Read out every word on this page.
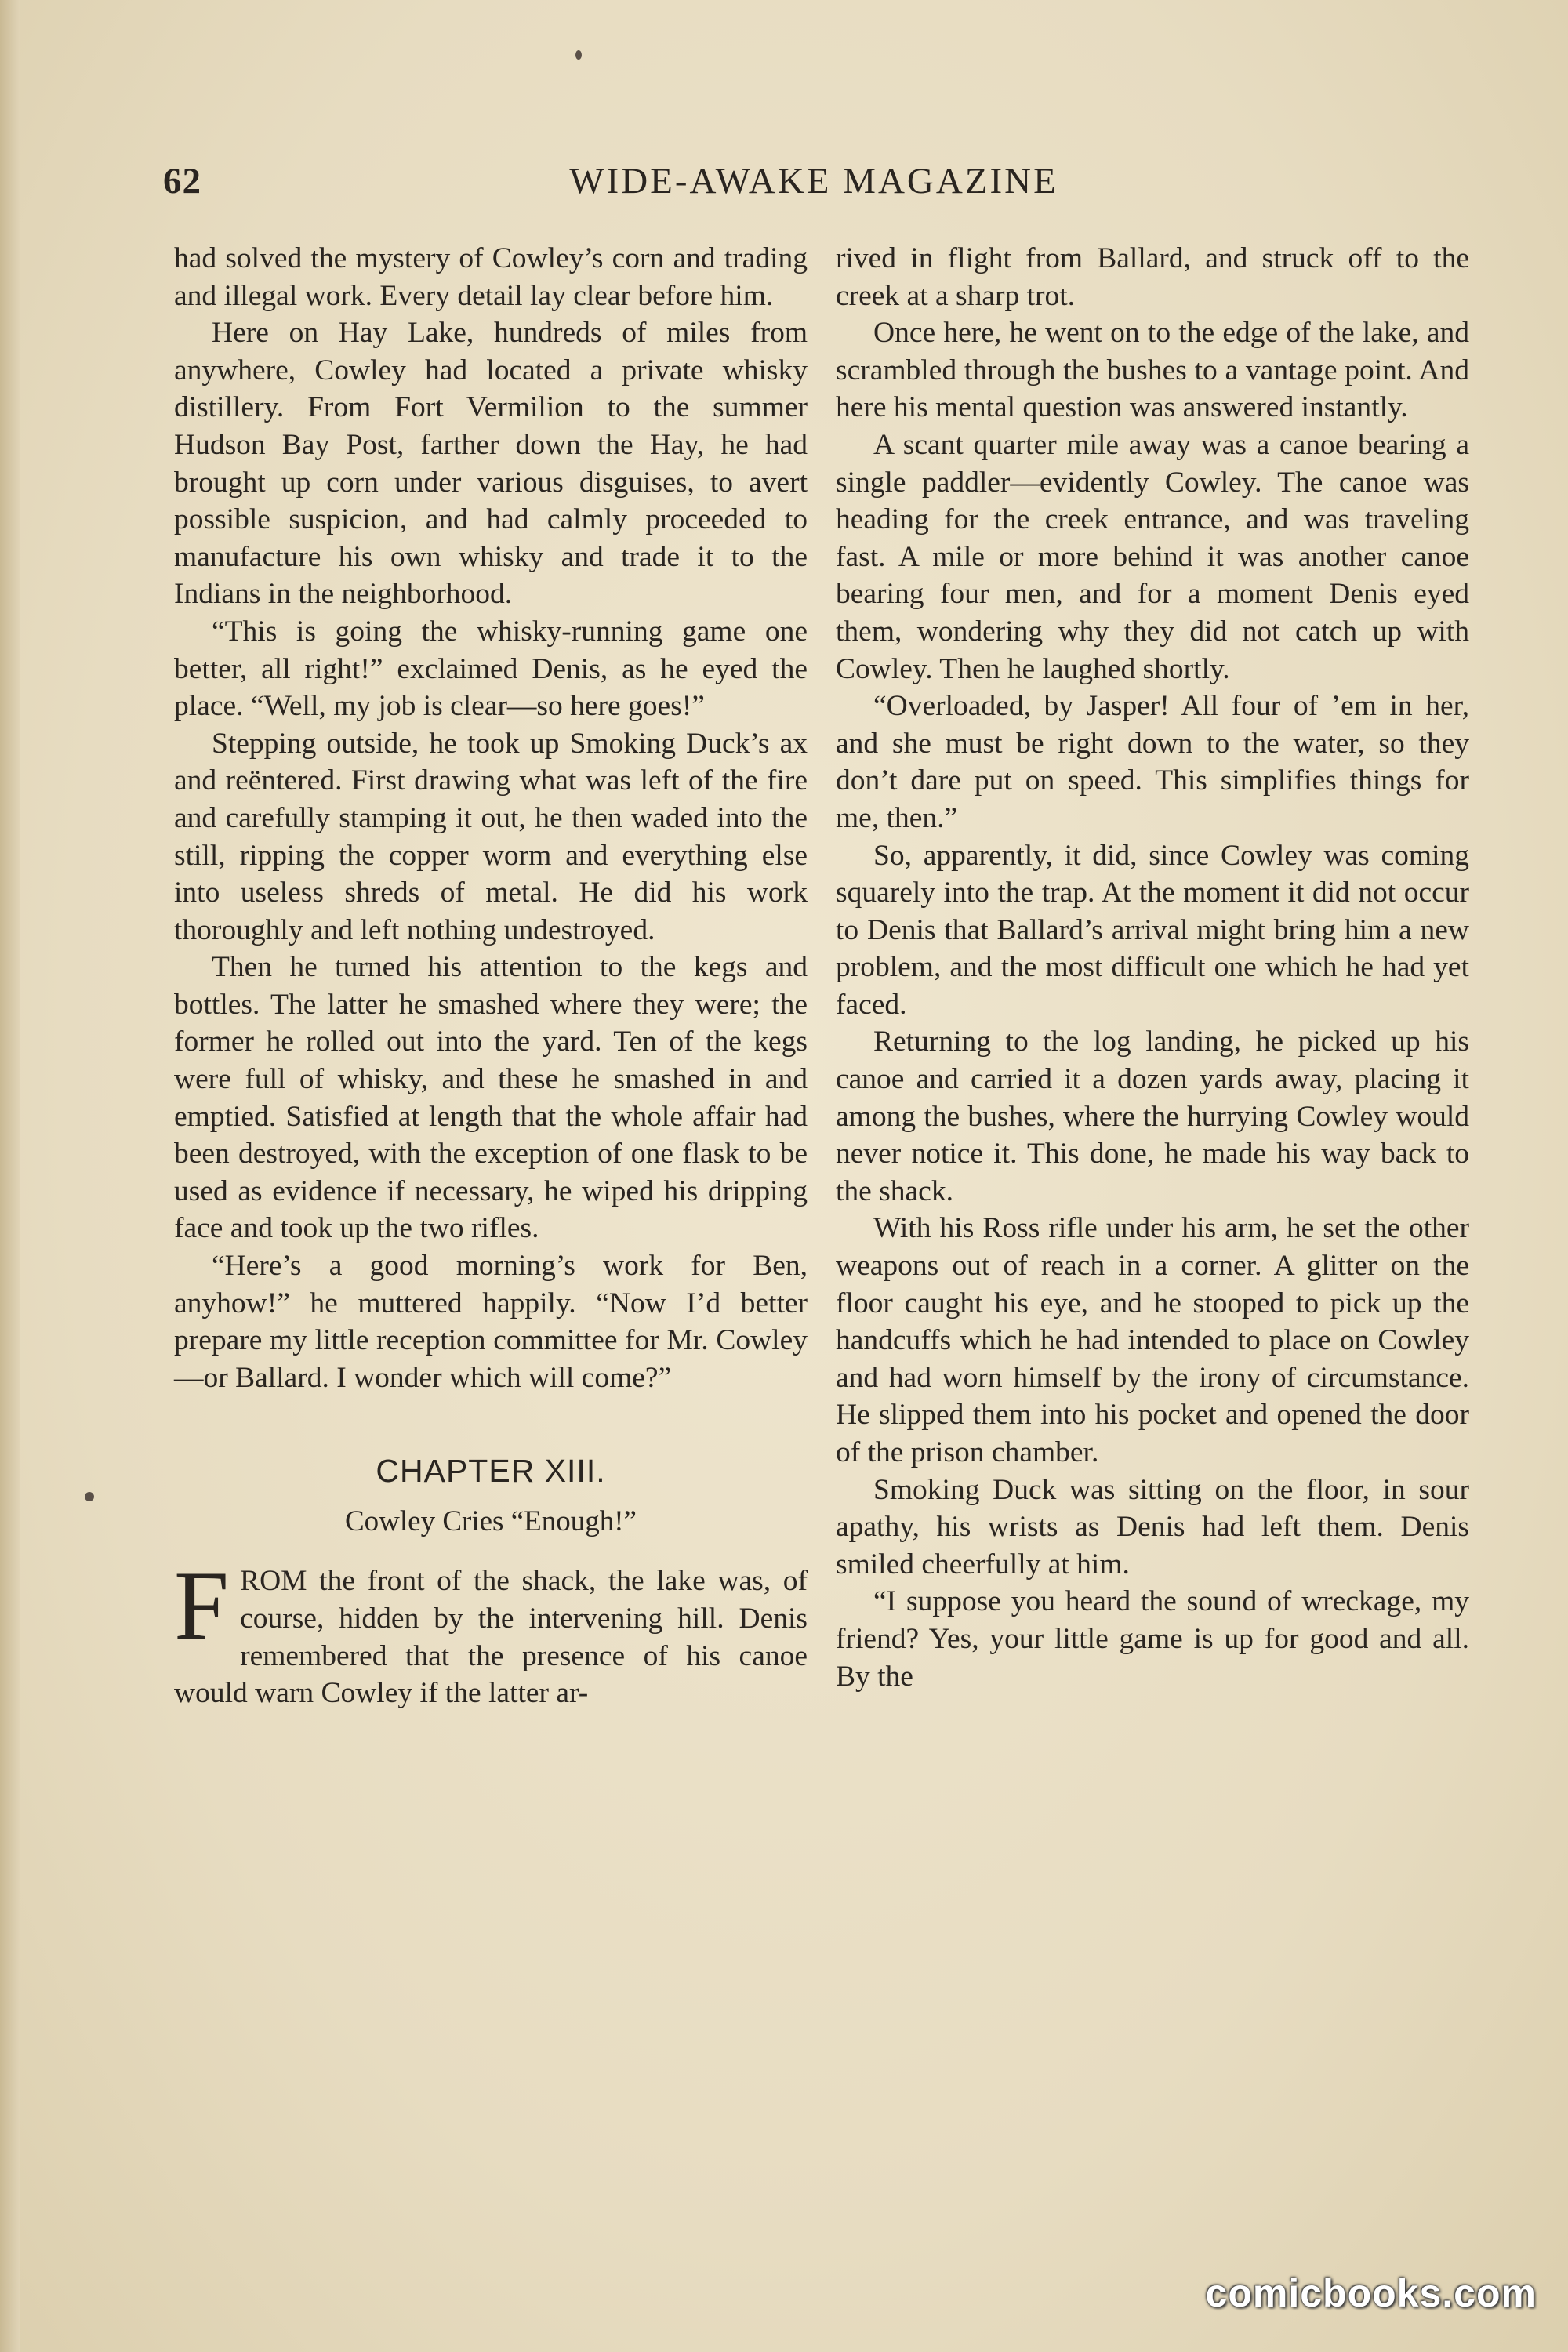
62	WIDE-AWAKE MAGAZINE

had solved the mystery of Cowley’s corn and trading and illegal work. Every detail lay clear before him.

Here on Hay Lake, hundreds of miles from anywhere, Cowley had located a private whisky distillery. From Fort Vermilion to the summer Hudson Bay Post, farther down the Hay, he had brought up corn under various disguises, to avert possible suspicion, and had calmly proceeded to manufacture his own whisky and trade it to the Indians in the neighborhood.

“This is going the whisky-running game one better, all right!” exclaimed Denis, as he eyed the place. “Well, my job is clear—so here goes!”

Stepping outside, he took up Smoking Duck’s ax and reëntered. First drawing what was left of the fire and carefully stamping it out, he then waded into the still, ripping the copper worm and everything else into useless shreds of metal. He did his work thoroughly and left nothing undestroyed.

Then he turned his attention to the kegs and bottles. The latter he smashed where they were; the former he rolled out into the yard. Ten of the kegs were full of whisky, and these he smashed in and emptied. Satisfied at length that the whole affair had been destroyed, with the exception of one flask to be used as evidence if necessary, he wiped his dripping face and took up the two rifles.

“Here’s a good morning’s work for Ben, anyhow!” he muttered happily. “Now I’d better prepare my little reception committee for Mr. Cowley—or Ballard. I wonder which will come?”

CHAPTER XIII.
Cowley Cries “Enough!”

FROM the front of the shack, the lake was, of course, hidden by the intervening hill. Denis remembered that the presence of his canoe would warn Cowley if the latter ar-

rived in flight from Ballard, and struck off to the creek at a sharp trot.

Once here, he went on to the edge of the lake, and scrambled through the bushes to a vantage point. And here his mental question was answered instantly.

A scant quarter mile away was a canoe bearing a single paddler—evidently Cowley. The canoe was heading for the creek entrance, and was traveling fast. A mile or more behind it was another canoe bearing four men, and for a moment Denis eyed them, wondering why they did not catch up with Cowley. Then he laughed shortly.

“Overloaded, by Jasper! All four of ’em in her, and she must be right down to the water, so they don’t dare put on speed. This simplifies things for me, then.”

So, apparently, it did, since Cowley was coming squarely into the trap. At the moment it did not occur to Denis that Ballard’s arrival might bring him a new problem, and the most difficult one which he had yet faced.

Returning to the log landing, he picked up his canoe and carried it a dozen yards away, placing it among the bushes, where the hurrying Cowley would never notice it. This done, he made his way back to the shack.

With his Ross rifle under his arm, he set the other weapons out of reach in a corner. A glitter on the floor caught his eye, and he stooped to pick up the handcuffs which he had intended to place on Cowley and had worn himself by the irony of circumstance. He slipped them into his pocket and opened the door of the prison chamber.

Smoking Duck was sitting on the floor, in sour apathy, his wrists as Denis had left them. Denis smiled cheerfully at him.

“I suppose you heard the sound of wreckage, my friend? Yes, your little game is up for good and all. By the

comicbooks.com
